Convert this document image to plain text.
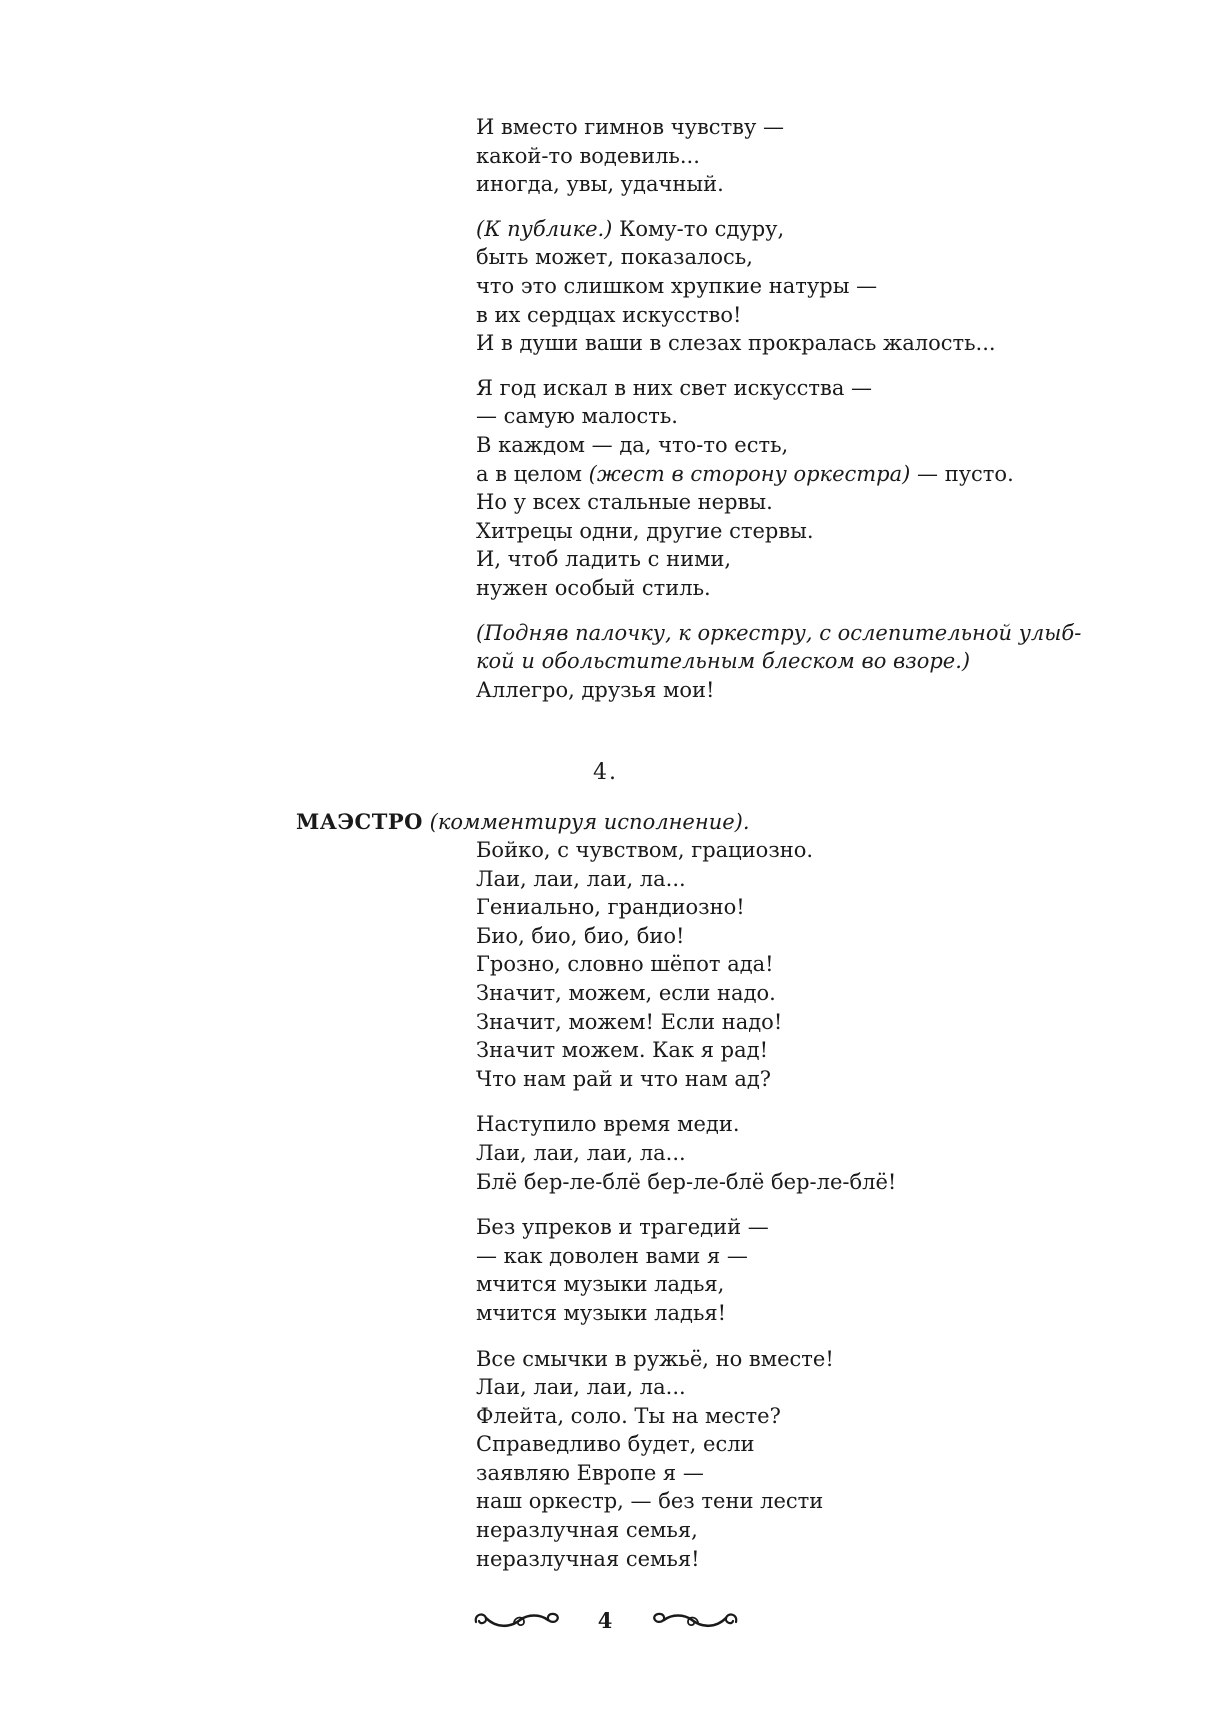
И вместо гимнов чувству —
какой-то водевиль...
иногда, увы, удачный.
(К публике.) Кому-то сдуру,
быть может, показалось,
что это слишком хрупкие натуры —
в их сердцах искусство!
И в души ваши в слезах прокралась жалость...
Я год искал в них свет искусства —
— самую малость.
В каждом — да, что-то есть,
а в целом (жест в сторону оркестра) — пусто.
Но у всех стальные нервы.
Хитрецы одни, другие стервы.
И, чтоб ладить с ними,
нужен особый стиль.
(Подняв палочку, к оркестру, с ослепительной улыб-
кой и обольстительным блеском во взоре.)
Аллегро, друзья мои!
4.
МАЭСТРО (комментируя исполнение).
Бойко, с чувством, грациозно.
Лаи, лаи, лаи, ла...
Гениально, грандиозно!
Био, био, био, био!
Грозно, словно шёпот ада!
Значит, можем, если надо.
Значит, можем! Если надо!
Значит можем. Как я рад!
Что нам рай и что нам ад?
Наступило время меди.
Лаи, лаи, лаи, ла...
Блё бер-ле-блё бер-ле-блё бер-ле-блё!
Без упреков и трагедий —
— как доволен вами я —
мчится музыки ладья,
мчится музыки ладья!
Все смычки в ружьё, но вместе!
Лаи, лаи, лаи, ла...
Флейта, соло. Ты на месте?
Справедливо будет, если
заявляю Европе я —
наш оркестр, — без тени лести
неразлучная семья,
неразлучная семья!
4
